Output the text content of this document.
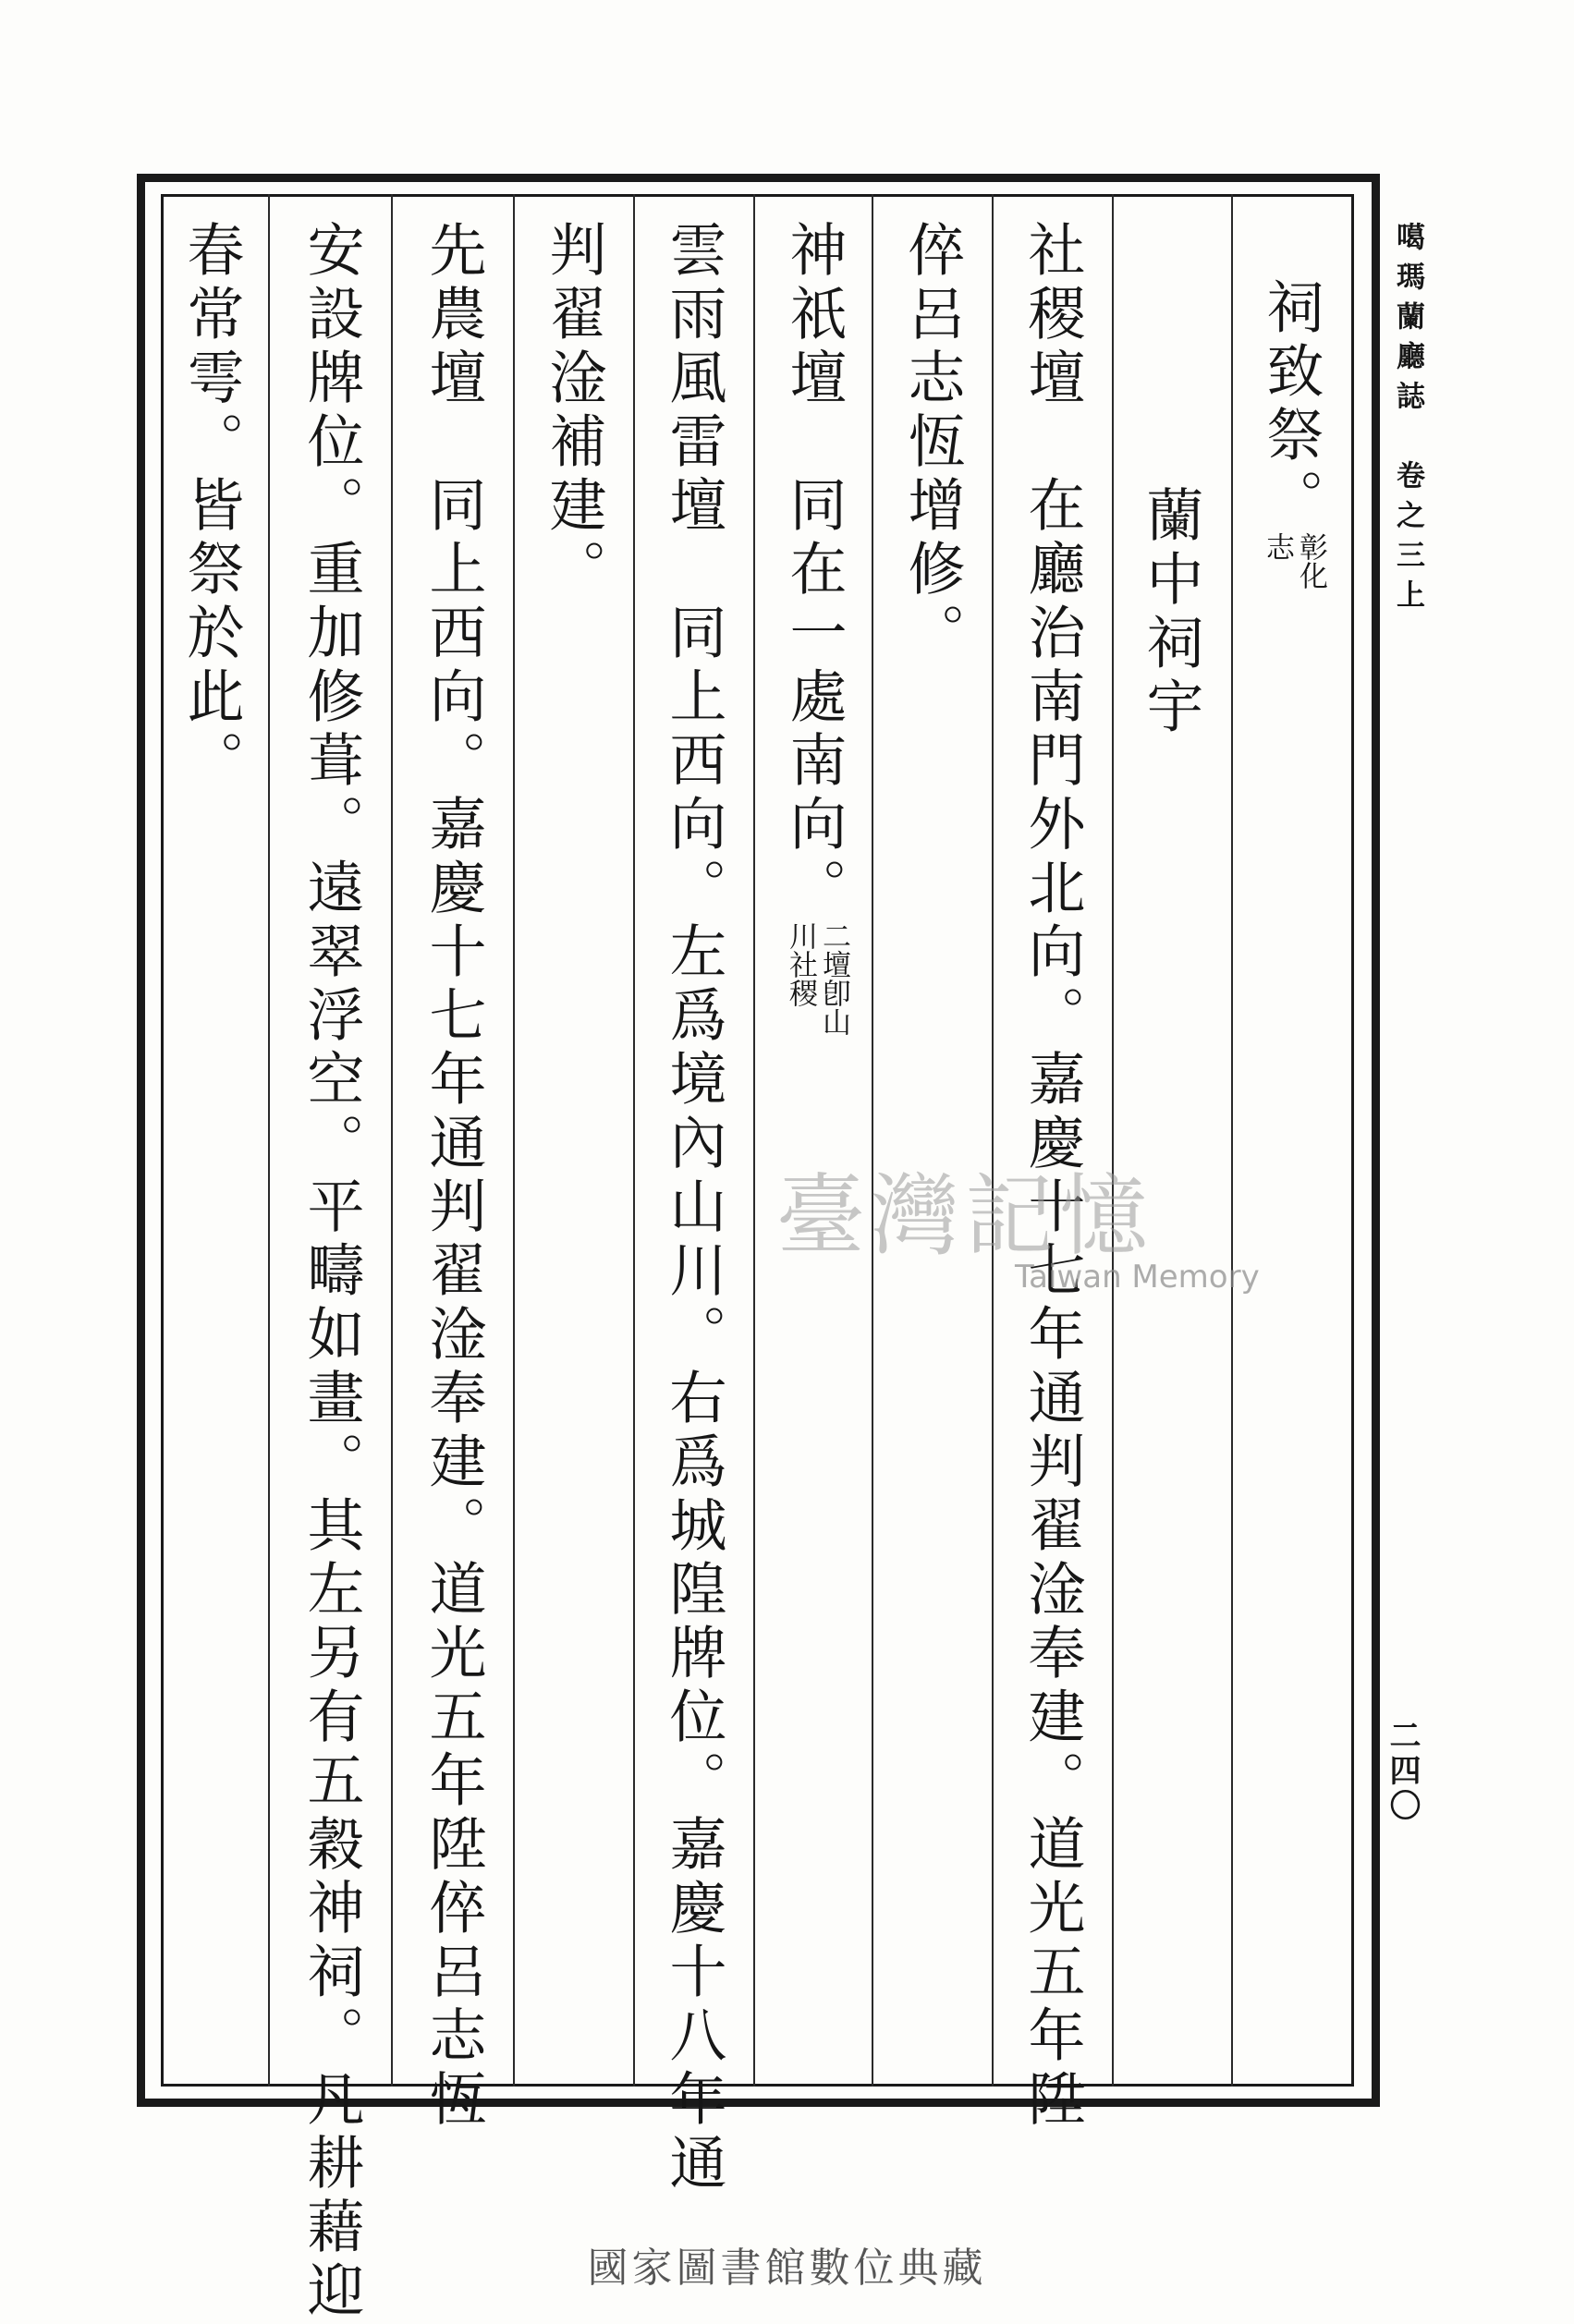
噶瑪蘭廳誌　卷之三上
二四〇
祠致祭。
彰化
志
　蘭中祠宇
社稷壇　在廳治南門外北向。嘉慶十七年通判翟淦奉建。道光五年陞
倅呂志恆增修。
神祇壇　同在一處南向。
二壇卽山
川社稷
雲雨風雷壇　同上西向。左爲境內山川。右爲城隍牌位。嘉慶十八年通
判翟淦補建。
先農壇　同上西向。嘉慶十七年通判翟淦奉建。道光五年陞倅呂志恆
安設牌位。重加修葺。遠翠浮空。平疇如畫。其左另有五穀神祠。凡耕藉迎
春常雩。皆祭於此。
臺灣記憶
Taiwan Memory
國家圖書館數位典藏
